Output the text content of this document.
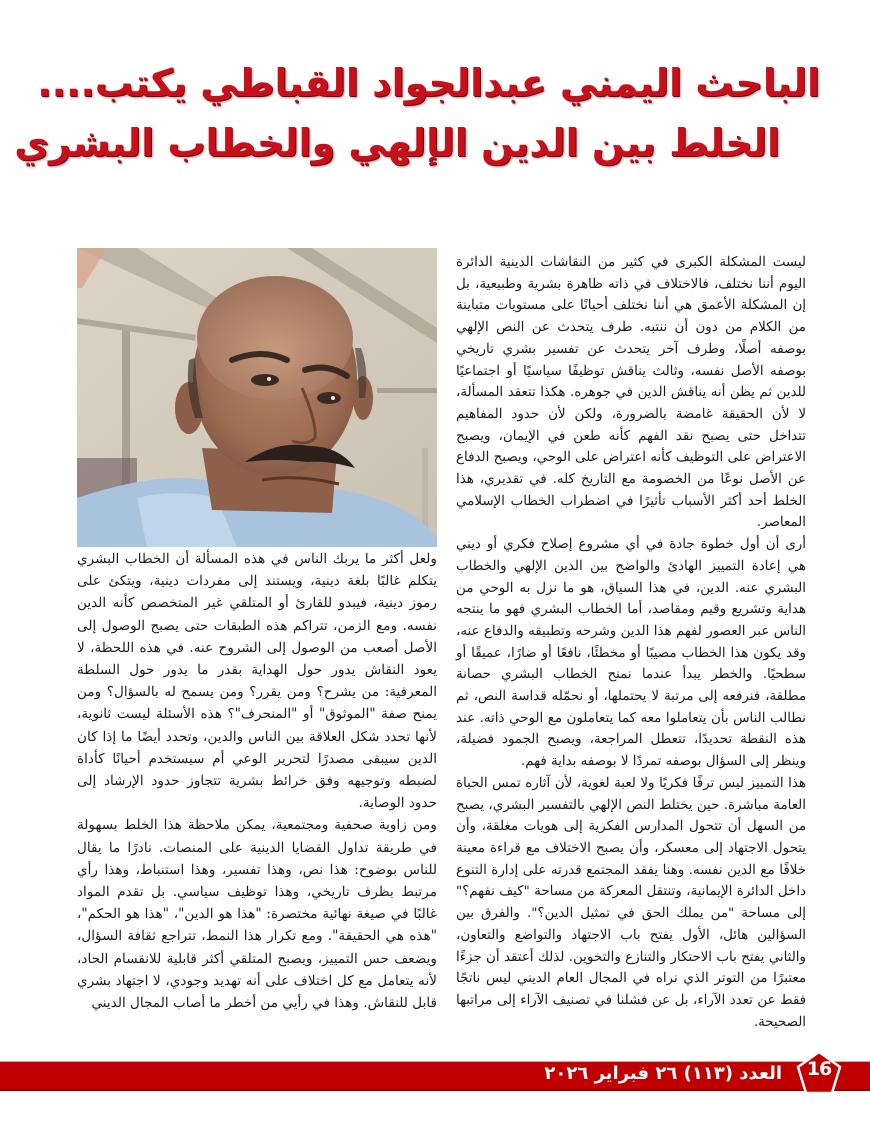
الباحث اليمني عبدالجواد القباطي يكتب....
الخلط بين الدين الإلهي والخطاب البشري

ليست المشكلة الكبرى في كثير من النقاشات الدينية الدائرة اليوم أننا نختلف، فالاختلاف في ذاته ظاهرة بشرية وطبيعية، بل إن المشكلة الأعمق هي أننا نختلف أحيانًا على مستويات متباينة من الكلام من دون أن ننتبه. طرف يتحدث عن النص الإلهي بوصفه أصلًا، وطرف آخر يتحدث عن تفسير بشري تاريخي بوصفه الأصل نفسه، وثالث يناقش توظيفًا سياسيًا أو اجتماعيًا للدين ثم يظن أنه يناقش الدين في جوهره. هكذا تتعقد المسألة، لا لأن الحقيقة غامضة بالضرورة، ولكن لأن حدود المفاهيم تتداخل حتى يصبح نقد الفهم كأنه طعن في الإيمان، ويصبح الاعتراض على التوظيف كأنه اعتراض على الوحي، ويصبح الدفاع عن الأصل نوعًا من الخصومة مع التاريخ كله. في تقديري، هذا الخلط أحد أكثر الأسباب تأثيرًا في اضطراب الخطاب الإسلامي المعاصر.

أرى أن أول خطوة جادة في أي مشروع إصلاح فكري أو ديني هي إعادة التمييز الهادئ والواضح بين الدين الإلهي والخطاب البشري عنه. الدين، في هذا السياق، هو ما نزل به الوحي من هداية وتشريع وقيم ومقاصد، أما الخطاب البشري فهو ما ينتجه الناس عبر العصور لفهم هذا الدين وشرحه وتطبيقه والدفاع عنه، وقد يكون هذا الخطاب مصيبًا أو مخطئًا، نافعًا أو ضارًا، عميقًا أو سطحيًا. والخطر يبدأ عندما نمنح الخطاب البشري حصانة مطلقة، فنرفعه إلى مرتبة لا يحتملها، أو نحمّله قداسة النص، ثم نطالب الناس بأن يتعاملوا معه كما يتعاملون مع الوحي ذاته. عند هذه النقطة تحديدًا، تتعطل المراجعة، ويصبح الجمود فضيلة، وينظر إلى السؤال بوصفه تمردًا لا بوصفه بداية فهم.

هذا التمييز ليس ترفًا فكريًا ولا لعبة لغوية، لأن آثاره تمس الحياة العامة مباشرة. حين يختلط النص الإلهي بالتفسير البشري، يصبح من السهل أن تتحول المدارس الفكرية إلى هويات مغلقة، وأن يتحول الاجتهاد إلى معسكر، وأن يصبح الاختلاف مع قراءة معينة خلافًا مع الدين نفسه. وهنا يفقد المجتمع قدرته على إدارة التنوع داخل الدائرة الإيمانية، وتنتقل المعركة من مساحة "كيف نفهم؟" إلى مساحة "من يملك الحق في تمثيل الدين؟". والفرق بين السؤالين هائل، الأول يفتح باب الاجتهاد والتواضع والتعاون، والثاني يفتح باب الاحتكار والتنازع والتخوين. لذلك أعتقد أن جزءًا معتبرًا من التوتر الذي نراه في المجال العام الديني ليس ناتجًا فقط عن تعدد الآراء، بل عن فشلنا في تصنيف الآراء إلى مراتبها الصحيحة.

ولعل أكثر ما يربك الناس في هذه المسألة أن الخطاب البشري يتكلم غالبًا بلغة دينية، ويستند إلى مفردات دينية، ويتكئ على رموز دينية، فيبدو للقارئ أو المتلقي غير المتخصص كأنه الدين نفسه. ومع الزمن، تتراكم هذه الطبقات حتى يصبح الوصول إلى الأصل أصعب من الوصول إلى الشروح عنه. في هذه اللحظة، لا يعود النقاش يدور حول الهداية بقدر ما يدور حول السلطة المعرفية: من يشرح؟ ومن يقرر؟ ومن يسمح له بالسؤال؟ ومن يمنح صفة "الموثوق" أو "المنحرف"؟ هذه الأسئلة ليست ثانوية، لأنها تحدد شكل العلاقة بين الناس والدين، وتحدد أيضًا ما إذا كان الدين سيبقى مصدرًا لتحرير الوعي أم سيستخدم أحيانًا كأداة لضبطه وتوجيهه وفق خرائط بشرية تتجاوز حدود الإرشاد إلى حدود الوصاية.

ومن زاوية صحفية ومجتمعية، يمكن ملاحظة هذا الخلط بسهولة في طريقة تداول القضايا الدينية على المنصات. نادرًا ما يقال للناس بوضوح: هذا نص، وهذا تفسير، وهذا استنباط، وهذا رأي مرتبط بظرف تاريخي، وهذا توظيف سياسي. بل تقدم المواد غالبًا في صيغة نهائية مختصرة: "هذا هو الدين"، "هذا هو الحكم"، "هذه هي الحقيقة". ومع تكرار هذا النمط، تتراجع ثقافة السؤال، ويضعف حس التمييز، ويصبح المتلقي أكثر قابلية للانقسام الحاد، لأنه يتعامل مع كل اختلاف على أنه تهديد وجودي، لا اجتهاد بشري قابل للنقاش. وهذا في رأيي من أخطر ما أصاب المجال الديني

العدد (١١٣) ٢٦ فبراير ٢٠٢٦	16
